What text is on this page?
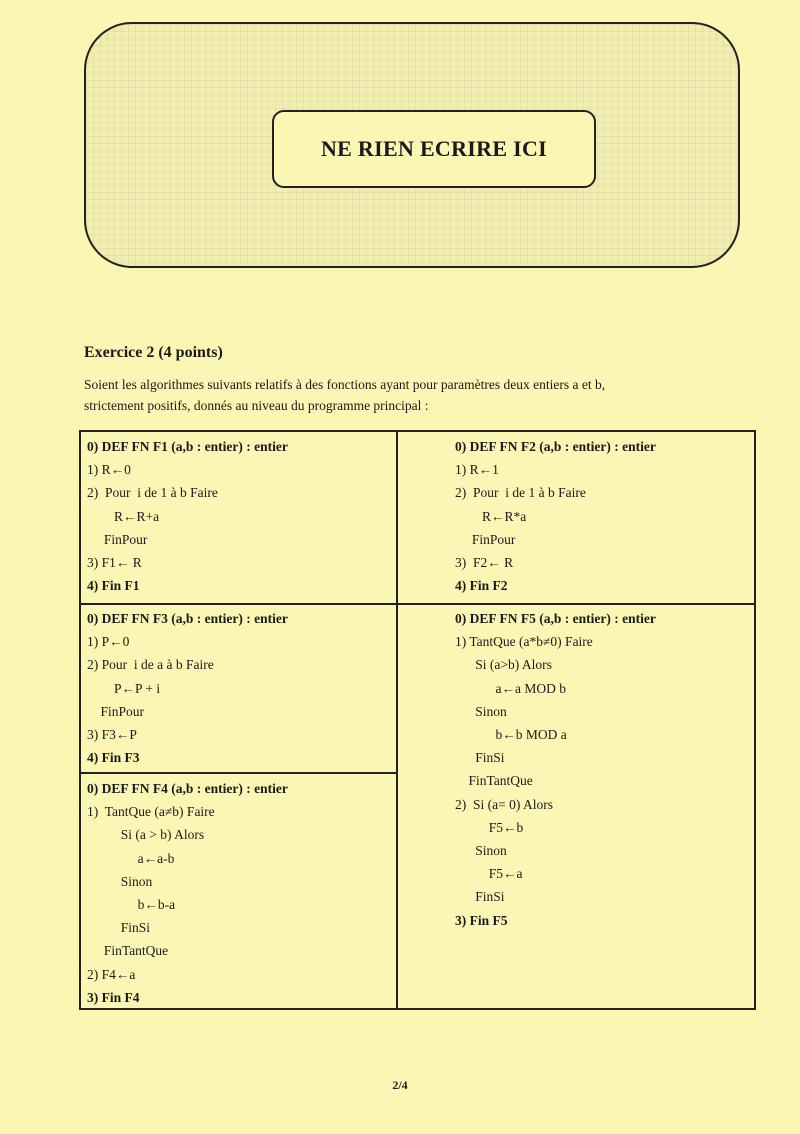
NE RIEN ECRIRE ICI
Exercice 2 (4 points)
Soient les algorithmes suivants relatifs à des fonctions ayant pour paramètres deux entiers a et b,
strictement positifs, donnés au niveau du programme principal :
0) DEF FN F1 (a,b : entier) : entier
1) R←0
2)  Pour  i de 1 à b Faire
R←R+a
FinPour
3) F1← R
4) Fin F1
0) DEF FN F2 (a,b : entier) : entier
1) R←1
2)  Pour  i de 1 à b Faire
R←R*a
FinPour
3)  F2← R
4) Fin F2
0) DEF FN F3 (a,b : entier) : entier
1) P←0
2) Pour  i de a à b Faire
P←P + i
FinPour
3) F3←P
4) Fin F3
0) DEF FN F5 (a,b : entier) : entier
1) TantQue (a*b≠0) Faire
Si (a>b) Alors
a←a MOD b
Sinon
b←b MOD a
FinSi
FinTantQue
2)  Si (a= 0) Alors
F5←b
Sinon
F5←a
FinSi
3) Fin F5
0) DEF FN F4 (a,b : entier) : entier
1)  TantQue (a≠b) Faire
Si (a > b) Alors
a←a-b
Sinon
b←b-a
FinSi
FinTantQue
2) F4←a
3) Fin F4
2/4
